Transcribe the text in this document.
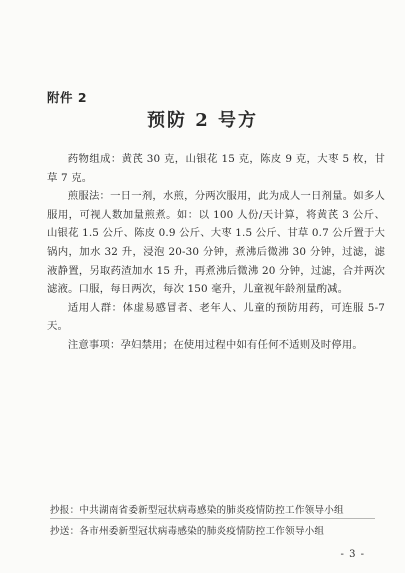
附件 2
预防 2 号方

药物组成：黄芪 30 克，山银花 15 克，陈皮 9 克，大枣 5 枚，甘草 7 克。

煎服法：一日一剂，水煎，分两次服用，此为成人一日剂量。如多人服用，可视人数加量煎煮。如：以 100 人份/天计算，将黄芪 3 公斤、山银花 1.5 公斤、陈皮 0.9 公斤、大枣 1.5 公斤、甘草 0.7 公斤置于大锅内，加水 32 升，浸泡 20-30 分钟，煮沸后微沸 30 分钟，过滤，滤液静置，另取药渣加水 15 升，再煮沸后微沸 20 分钟，过滤，合并两次滤液。口服，每日两次，每次 150 毫升，儿童视年龄剂量酌减。

适用人群：体虚易感冒者、老年人、儿童的预防用药，可连服 5-7 天。

注意事项：孕妇禁用；在使用过程中如有任何不适则及时停用。

抄报：中共湖南省委新型冠状病毒感染的肺炎疫情防控工作领导小组
抄送：各市州委新型冠状病毒感染的肺炎疫情防控工作领导小组
- 3 -
